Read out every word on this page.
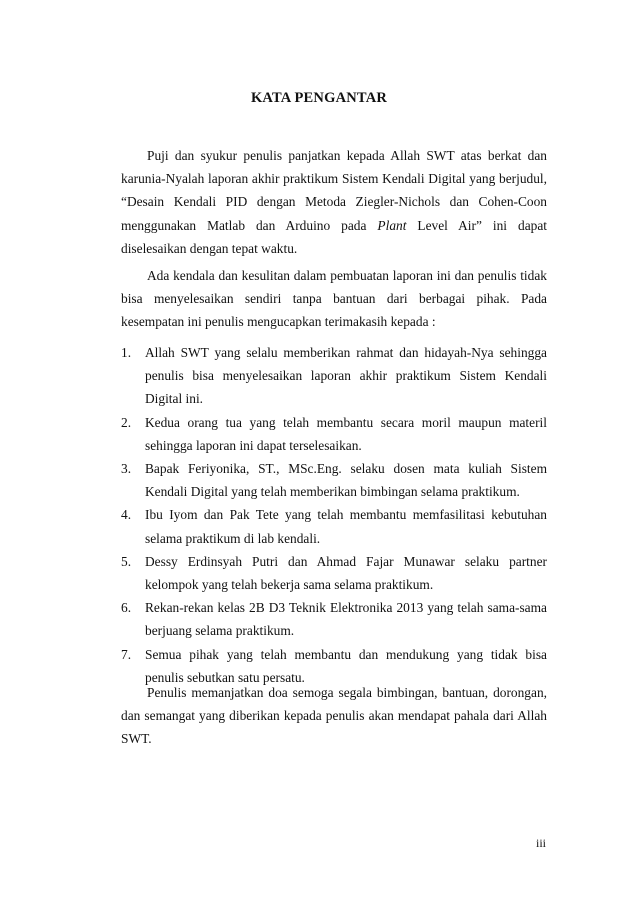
KATA PENGANTAR

Puji dan syukur penulis panjatkan kepada Allah SWT atas berkat dan karunia-Nyalah laporan akhir praktikum Sistem Kendali Digital yang berjudul, “Desain Kendali PID dengan Metoda Ziegler-Nichols dan Cohen-Coon menggunakan Matlab dan Arduino pada Plant Level Air” ini dapat diselesaikan dengan tepat waktu.

Ada kendala dan kesulitan dalam pembuatan laporan ini dan penulis tidak bisa menyelesaikan sendiri tanpa bantuan dari berbagai pihak. Pada kesempatan ini penulis mengucapkan terimakasih kepada :

1. Allah SWT yang selalu memberikan rahmat dan hidayah-Nya sehingga penulis bisa menyelesaikan laporan akhir praktikum Sistem Kendali Digital ini.
2. Kedua orang tua yang telah membantu secara moril maupun materil sehingga laporan ini dapat terselesaikan.
3. Bapak Feriyonika, ST., MSc.Eng. selaku dosen mata kuliah Sistem Kendali Digital yang telah memberikan bimbingan selama praktikum.
4. Ibu Iyom dan Pak Tete yang telah membantu memfasilitasi kebutuhan selama praktikum di lab kendali.
5. Dessy Erdinsyah Putri dan Ahmad Fajar Munawar selaku partner kelompok yang telah bekerja sama selama praktikum.
6. Rekan-rekan kelas 2B D3 Teknik Elektronika 2013 yang telah sama-sama berjuang selama praktikum.
7. Semua pihak yang telah membantu dan mendukung yang tidak bisa penulis sebutkan satu persatu.

Penulis memanjatkan doa semoga segala bimbingan, bantuan, dorongan, dan semangat yang diberikan kepada penulis akan mendapat pahala dari Allah SWT.

iii
